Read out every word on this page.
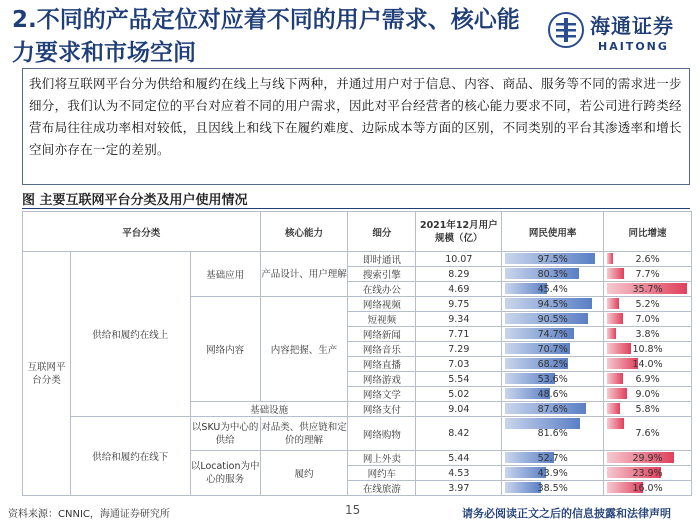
2.不同的产品定位对应着不同的用户需求、核心能力要求和市场空间
海通证券
HAITONG
我们将互联网平台分为供给和履约在线上与线下两种，并通过用户对于信息、内容、商品、服务等不同的需求进一步细分，我们认为不同定位的平台对应着不同的用户需求，因此对平台经营者的核心能力要求不同，若公司进行跨类经营布局往往成功率相对较低，且因线上和线下在履约难度、边际成本等方面的区别，不同类别的平台其渗透率和增长空间亦存在一定的差别。
图 主要互联网平台分类及用户使用情况
平台分类			核心能力	细分	2021年12月用户规模（亿）	网民使用率	同比增速
互联网平台分类	供给和履约在线上	基础应用	产品设计、用户理解	即时通讯	10.07	97.5%	2.6%
				搜索引擎	8.29	80.3%	7.7%
				在线办公	4.69	45.4%	35.7%
		网络内容	内容把握、生产	网络视频	9.75	94.5%	5.2%
				短视频	9.34	90.5%	7.0%
				网络新闻	7.71	74.7%	3.8%
				网络音乐	7.29	70.7%	10.8%
				网络直播	7.03	68.2%	14.0%
				网络游戏	5.54	53.6%	6.9%
				网络文学	5.02	48.6%	9.0%
		基础设施		网络支付	9.04	87.6%	5.8%
	供给和履约在线下	以SKU为中心的供给	对品类、供应链和定价的理解	网络购物	8.42	81.6%	7.6%
		以Location为中心的服务	履约	网上外卖	5.44	52.7%	29.9%
				网约车	4.53	43.9%	23.9%
				在线旅游	3.97	38.5%	16.0%
资料来源：CNNIC，海通证券研究所	15	请务必阅读正文之后的信息披露和法律声明
